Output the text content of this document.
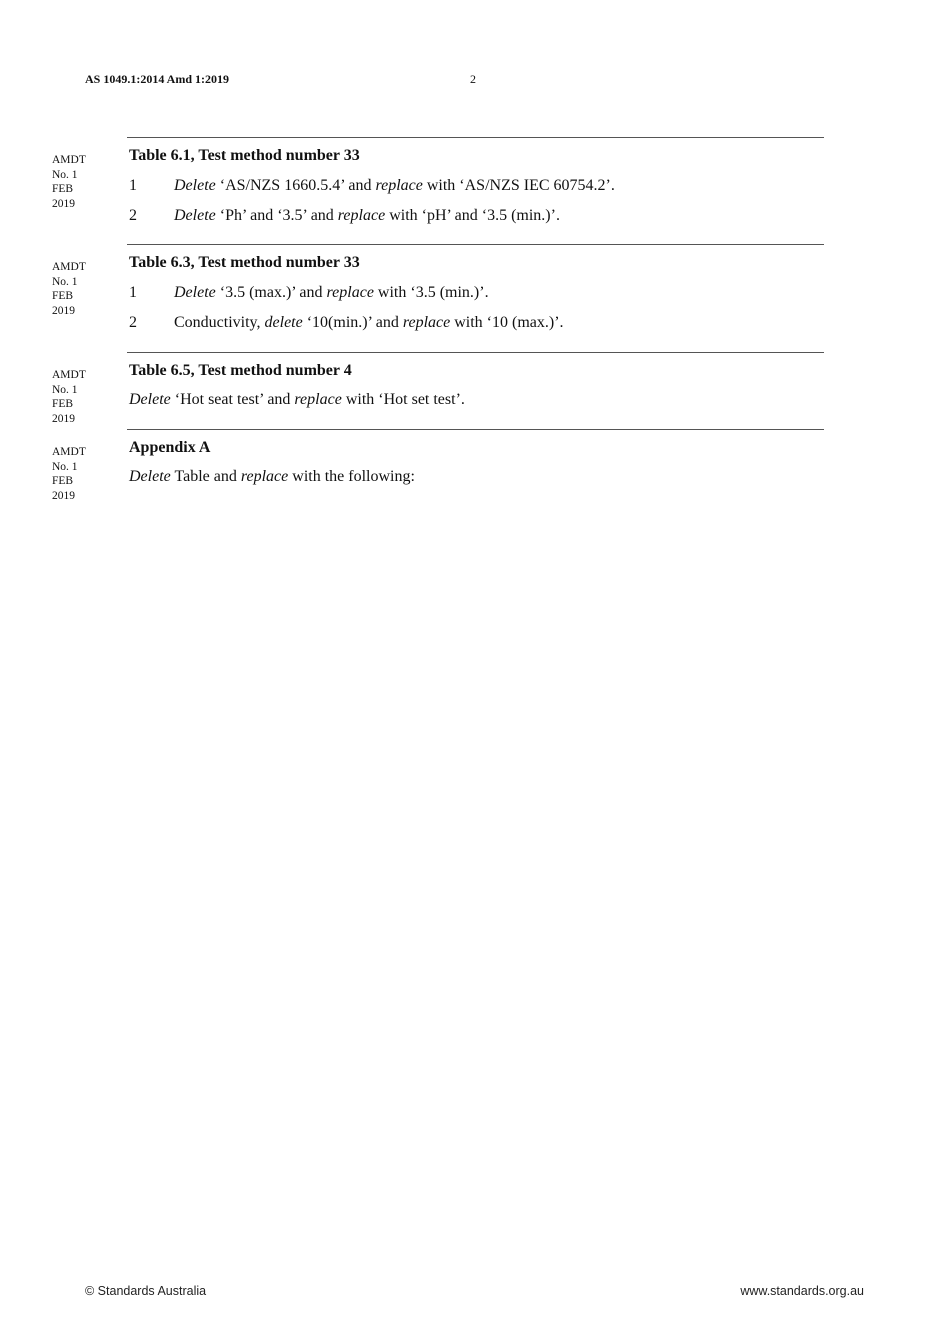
AS 1049.1:2014 Amd 1:2019	2
AMDT
No. 1
FEB
2019
Table 6.1, Test method number 33
1 Delete ‘AS/NZS 1660.5.4’ and replace with ‘AS/NZS IEC 60754.2’.
2 Delete ‘Ph’ and ‘3.5’ and replace with ‘pH’ and ‘3.5 (min.)’.
AMDT
No. 1
FEB
2019
Table 6.3, Test method number 33
1 Delete ‘3.5 (max.)’ and replace with ‘3.5 (min.)’.
2 Conductivity, delete ‘10(min.)’ and replace with ‘10 (max.)’.
AMDT
No. 1
FEB
2019
Table 6.5, Test method number 4
Delete ‘Hot seat test’ and replace with ‘Hot set test’.
AMDT
No. 1
FEB
2019
Appendix A
Delete Table and replace with the following:
© Standards Australia	www.standards.org.au
